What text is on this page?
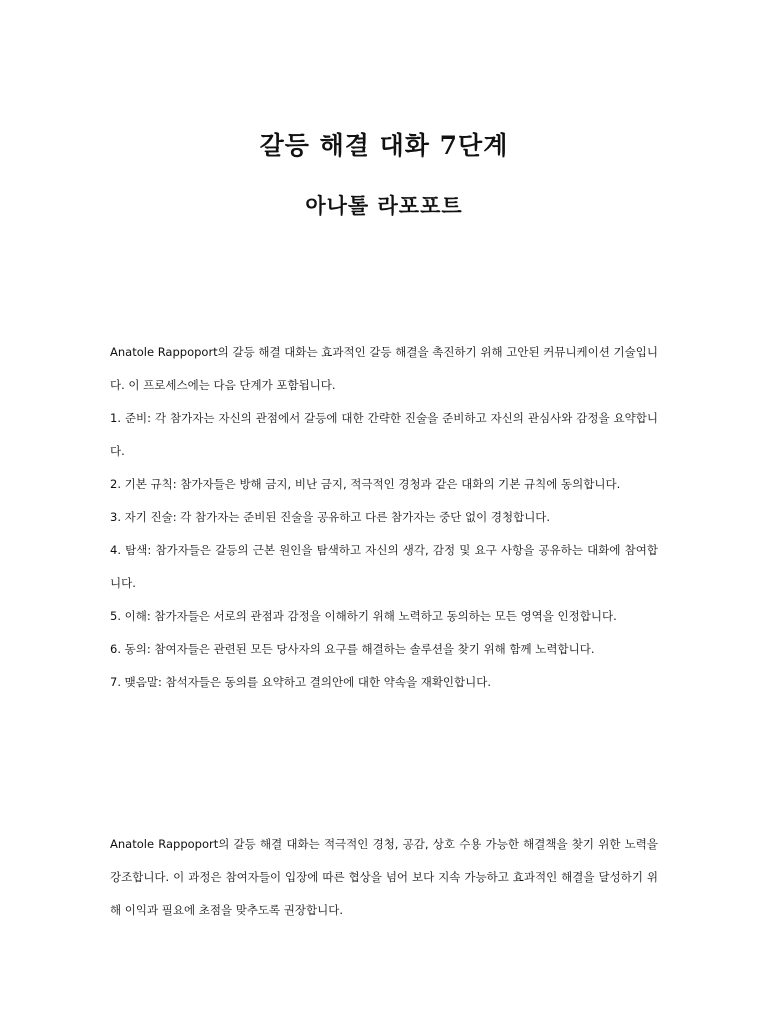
갈등 해결 대화 7단계
아나톨 라포포트

Anatole Rappoport의 갈등 해결 대화는 효과적인 갈등 해결을 촉진하기 위해 고안된 커뮤니케이션 기술입니다. 이 프로세스에는 다음 단계가 포함됩니다.

1. 준비: 각 참가자는 자신의 관점에서 갈등에 대한 간략한 진술을 준비하고 자신의 관심사와 감정을 요약합니다.

2. 기본 규칙: 참가자들은 방해 금지, 비난 금지, 적극적인 경청과 같은 대화의 기본 규칙에 동의합니다.

3. 자기 진술: 각 참가자는 준비된 진술을 공유하고 다른 참가자는 중단 없이 경청합니다.

4. 탐색: 참가자들은 갈등의 근본 원인을 탐색하고 자신의 생각, 감정 및 요구 사항을 공유하는 대화에 참여합니다.

5. 이해: 참가자들은 서로의 관점과 감정을 이해하기 위해 노력하고 동의하는 모든 영역을 인정합니다.

6. 동의: 참여자들은 관련된 모든 당사자의 요구를 해결하는 솔루션을 찾기 위해 함께 노력합니다.

7. 맺음말: 참석자들은 동의를 요약하고 결의안에 대한 약속을 재확인합니다.

Anatole Rappoport의 갈등 해결 대화는 적극적인 경청, 공감, 상호 수용 가능한 해결책을 찾기 위한 노력을 강조합니다. 이 과정은 참여자들이 입장에 따른 협상을 넘어 보다 지속 가능하고 효과적인 해결을 달성하기 위해 이익과 필요에 초점을 맞추도록 권장합니다.
